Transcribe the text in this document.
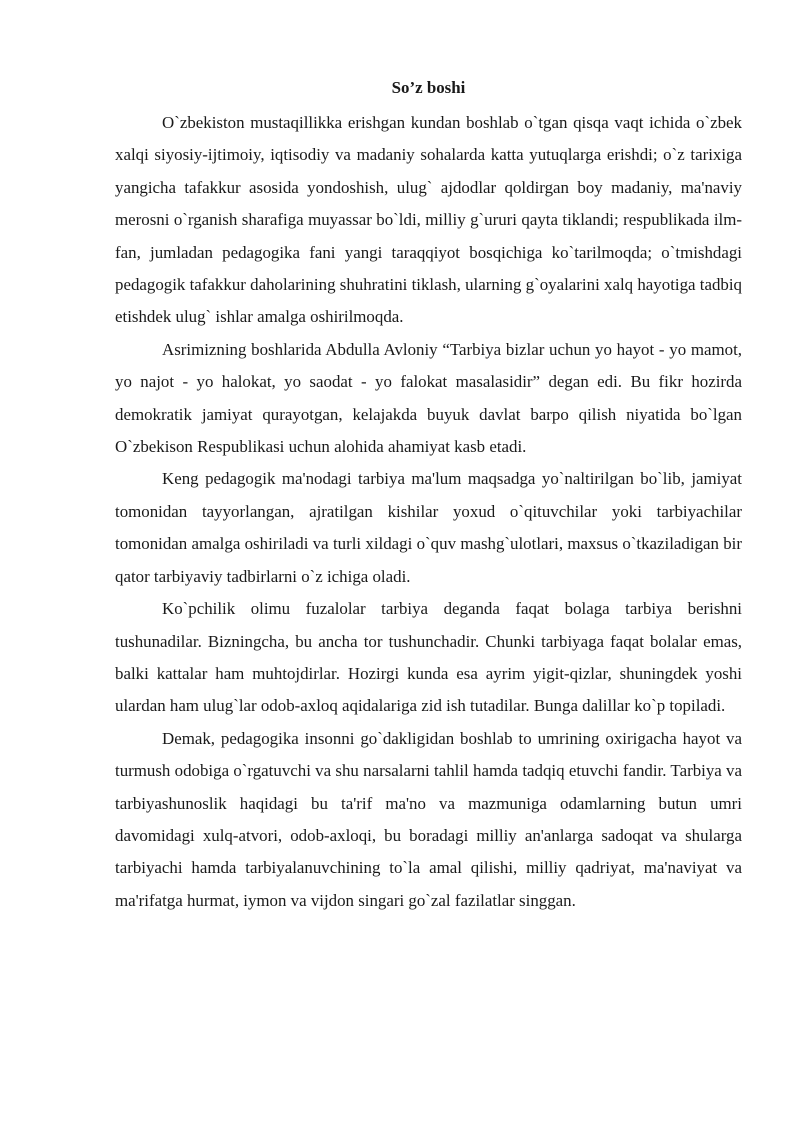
So’z boshi

O`zbekiston mustaqillikka erishgan kundan boshlab o`tgan qisqa vaqt ichida o`zbek xalqi siyosiy-ijtimoiy, iqtisodiy va madaniy sohalarda katta yutuqlarga erishdi; o`z tarixiga yangicha tafakkur asosida yondoshish, ulug` ajdodlar qoldirgan boy madaniy, ma'naviy merosni o`rganish sharafiga muyassar bo`ldi, milliy g`ururi qayta tiklandi; respublikada ilm-fan, jumladan pedagogika fani yangi taraqqiyot bosqichiga ko`tarilmoqda; o`tmishdagi pedagogik tafakkur daholarining shuhratini tiklash, ularning g`oyalarini xalq hayotiga tadbiq etishdek ulug` ishlar amalga oshirilmoqda.

Asrimizning boshlarida Abdulla Avloniy “Tarbiya bizlar uchun yo hayot - yo mamot, yo najot - yo halokat, yo saodat - yo falokat masalasidir” degan edi. Bu fikr hozirda demokratik jamiyat qurayotgan, kelajakda buyuk davlat barpo qilish niyatida bo`lgan O`zbekison Respublikasi uchun alohida ahamiyat kasb etadi.

Keng pedagogik ma'nodagi tarbiya ma'lum maqsadga yo`naltirilgan bo`lib, jamiyat tomonidan tayyorlangan, ajratilgan kishilar yoxud o`qituvchilar yoki tarbiyachilar tomonidan amalga oshiriladi va turli xildagi o`quv mashg`ulotlari, maxsus o`tkaziladigan bir qator tarbiyaviy tadbirlarni o`z ichiga oladi.

Ko`pchilik olimu fuzalolar tarbiya deganda faqat bolaga tarbiya berishni tushunadilar. Bizningcha, bu ancha tor tushunchadir. Chunki tarbiyaga faqat bolalar emas, balki kattalar ham muhtojdirlar. Hozirgi kunda esa ayrim yigit-qizlar, shuningdek yoshi ulardan ham ulug`lar odob-axloq aqidalariga zid ish tutadilar. Bunga dalillar ko`p topiladi.

Demak, pedagogika insonni go`dakligidan boshlab to umrining oxirigacha hayot va turmush odobiga o`rgatuvchi va shu narsalarni tahlil hamda tadqiq etuvchi fandir. Tarbiya va tarbiyashunoslik haqidagi bu ta'rif ma'no va mazmuniga odamlarning butun umri davomidagi xulq-atvori, odob-axloqi, bu boradagi milliy an'anlarga sadoqat va shularga tarbiyachi hamda tarbiyalanuvchining to`la amal qilishi, milliy qadriyat, ma'naviyat va ma'rifatga hurmat, iymon va vijdon singari go`zal fazilatlar singgan.
